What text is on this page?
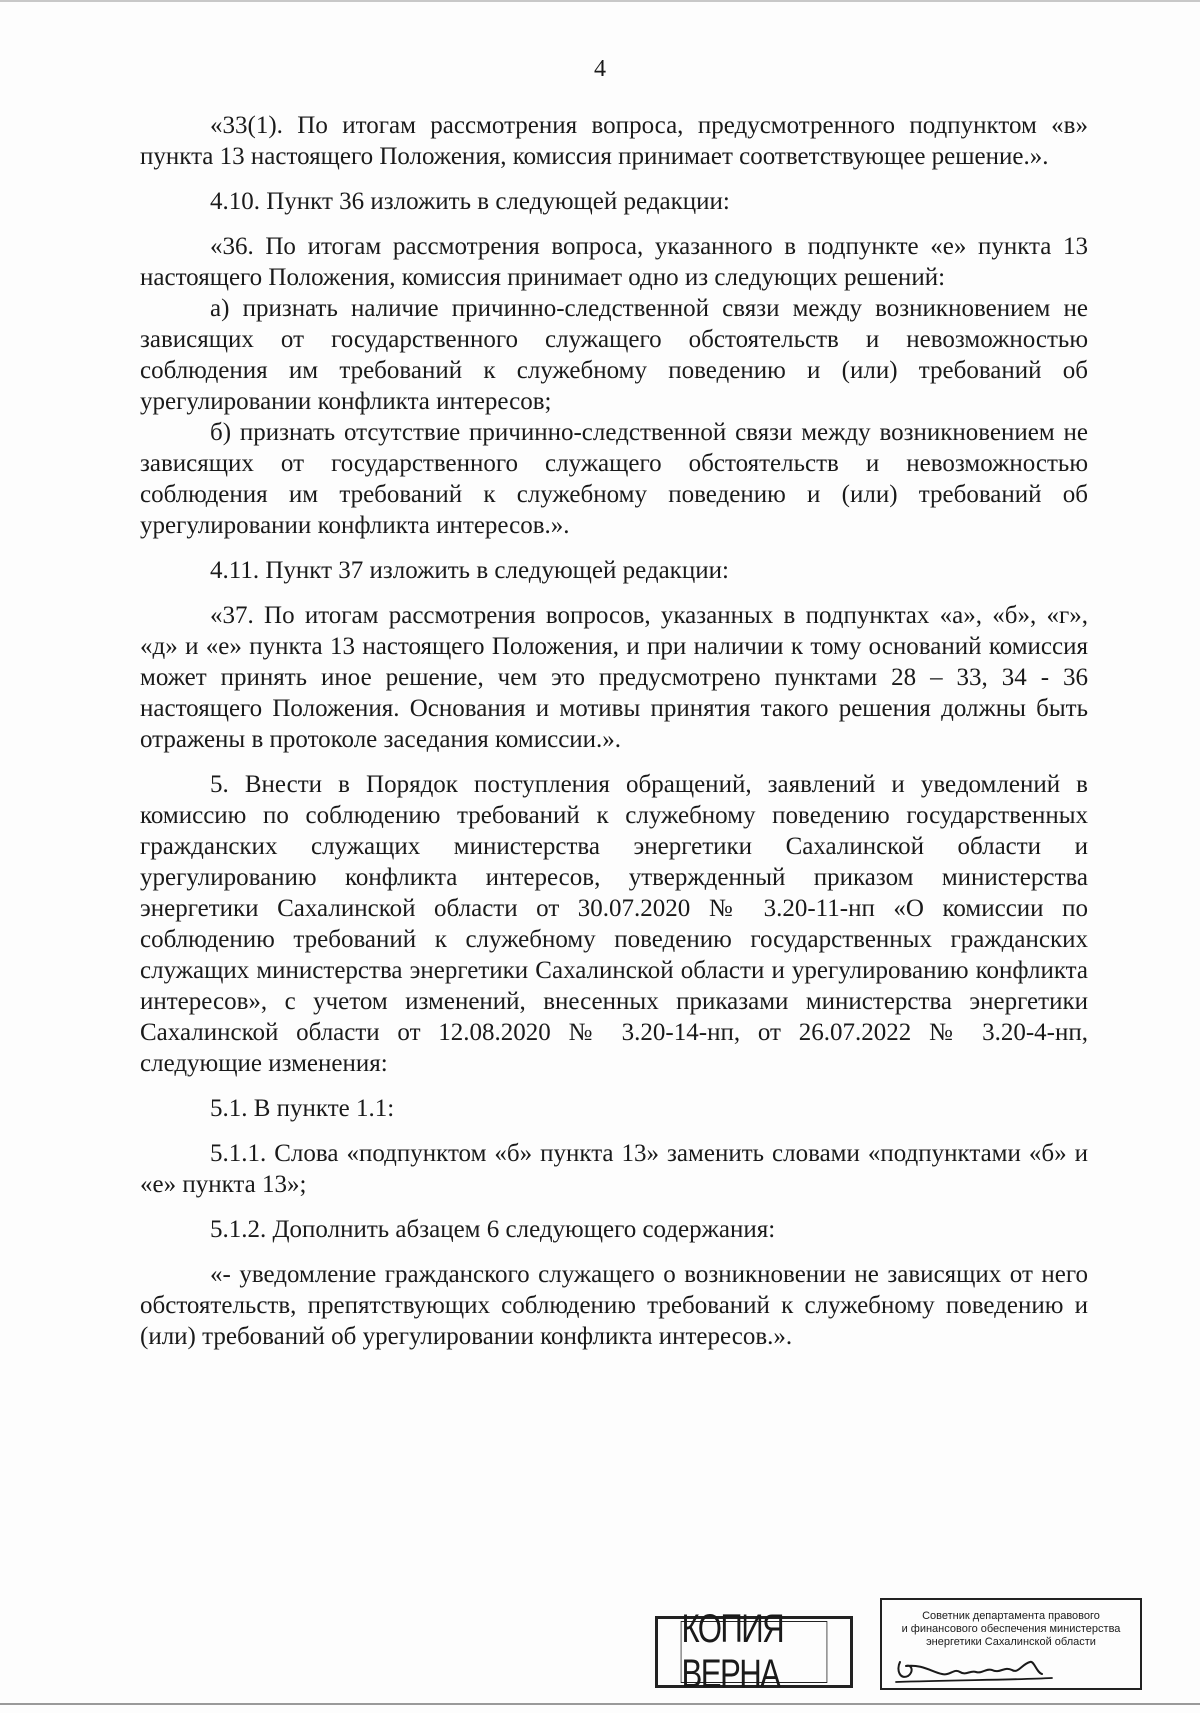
4

«33(1). По итогам рассмотрения вопроса, предусмотренного подпунктом «в» пункта 13 настоящего Положения, комиссия принимает соответствующее решение.».

4.10. Пункт 36 изложить в следующей редакции:

«36. По итогам рассмотрения вопроса, указанного в подпункте «е» пункта 13 настоящего Положения, комиссия принимает одно из следующих решений:

а) признать наличие причинно-следственной связи между возникновением не зависящих от государственного служащего обстоятельств и невозможностью соблюдения им требований к служебному поведению и (или) требований об урегулировании конфликта интересов;

б) признать отсутствие причинно-следственной связи между возникновением не зависящих от государственного служащего обстоятельств и невозможностью соблюдения им требований к служебному поведению и (или) требований об урегулировании конфликта интересов.».

4.11. Пункт 37 изложить в следующей редакции:

«37. По итогам рассмотрения вопросов, указанных в подпунктах «а», «б», «г», «д» и «е» пункта 13 настоящего Положения, и при наличии к тому оснований комиссия может принять иное решение, чем это предусмотрено пунктами 28 – 33, 34 - 36 настоящего Положения. Основания и мотивы принятия такого решения должны быть отражены в протоколе заседания комиссии.».

5. Внести в Порядок поступления обращений, заявлений и уведомлений в комиссию по соблюдению требований к служебному поведению государственных гражданских служащих министерства энергетики Сахалинской области и урегулированию конфликта интересов, утвержденный приказом министерства энергетики Сахалинской области от 30.07.2020 № 3.20-11-нп «О комиссии по соблюдению требований к служебному поведению государственных гражданских служащих министерства энергетики Сахалинской области и урегулированию конфликта интересов», с учетом изменений, внесенных приказами министерства энергетики Сахалинской области от 12.08.2020 № 3.20-14-нп, от 26.07.2022 № 3.20-4-нп, следующие изменения:

5.1. В пункте 1.1:

5.1.1. Слова «подпунктом «б» пункта 13» заменить словами «подпунктами «б» и «е» пункта 13»;

5.1.2. Дополнить абзацем 6 следующего содержания:

«- уведомление гражданского служащего о возникновении не зависящих от него обстоятельств, препятствующих соблюдению требований к служебному поведению и (или) требований об урегулировании конфликта интересов.».

КОПИЯ ВЕРНА
Советник департамента правового
и финансового обеспечения министерства
энергетики Сахалинской области
